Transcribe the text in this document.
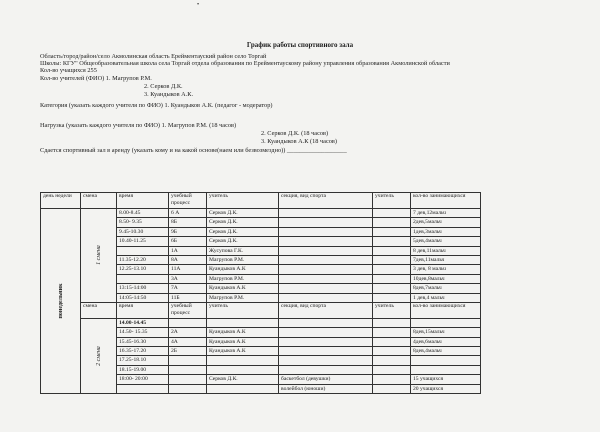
•
График работы спортивного зала
Область/город/район/село Акмолинская область Ерейментауский район село Торгай
Школы: КГУ" Общеобразовательная школа села Торгай отдела образования по Ерейментаускому району управления образования Акмолинской области
Кол-во учащихся 255
Кол-во учителей (ФИО) 1. Магрупов Р.М.
2. Серков Д.К.
3. Куандыков А.К.
Категория (указать каждого учителя по ФИО) 1. Куандыков А.К. (педагог - модератор)
Нагрузка (указать каждого учителя по ФИО) 1. Магрупов Р.М. (18 часов)
2. Серков Д.К. (18 часов)
3. Куандыков А.К (18 часов)
Сдается спортивный зал в аренду (указать кому и на какой основе(наем или безвозмездно)) ___________________
день недели	смена	время	учебный процесс	учитель	секция, вид спорта	учитель	кол-во занимающихся

понедельник	1 смена	8.00-8.45	6 А	Серков Д.К.			7 дев,12мальч
		8.50- 9.35	8Б	Серков Д.К.			2дев,5мальч
		9.45-10.30	9Б	Серков Д.К.			1дев,3мальч
		10.40-11.25	6Б	Серков Д.К.			5дев,4мальч
			1А	Жусупова Г.К.			8 дев,11мальч
		11.35-12.20	8А	Магрупов Р.М.			7дев,11мальч
		12.25-13.10	11А	Куандыков А.К			3 дев, 8 мальч
			3А	Магрупов Р.М.			10дев,8мальч
		13:15-14:00	7А	Куандыков А.К			8дев,7мальч
		14:05-14:50	11Б	Магрупов Р.М.			1 дев,4 мальч
	смена	время	учебный процесс	учитель	секция, вид спорта	учитель	кол-во занимающихся

	2 смена	14.00-14.45					
		14.50- 15.35	2А	Куандыков А.К			8дев,15мальч
		15.45-16.30	4А	Куандыков А.К			4дев,6мальч
		16.35-17.20	2Б	Куандыков А.К			8дев,4мальч
		17.25-18.10					
		18.15-19.00					
		18:00- 20:00		Серков Д.К.	баскетбол (девушки)		15 учащихся
					волейбол (юноши)		20 учащихся
